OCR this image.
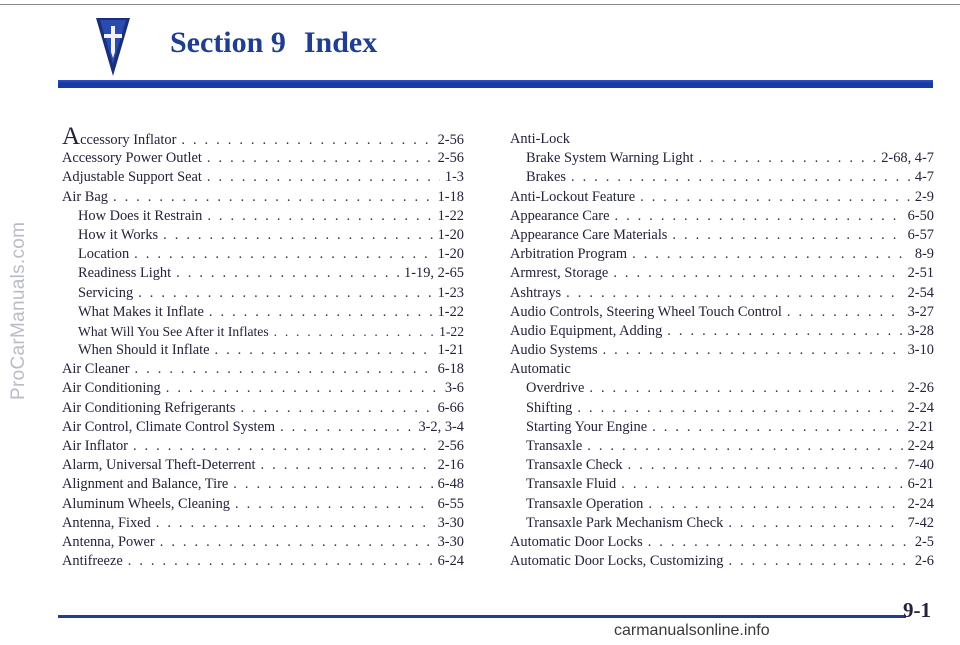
ProCarManuals.com
Section 9 Index
Accessory Inflator . . .	2-56
Accessory Power Outlet . . .	2-56
Adjustable Support Seat . . .	1-3
Air Bag . . .	1-18
How Does it Restrain . . .	1-22
How it Works . . .	1-20
Location . . .	1-20
Readiness Light . . .	1-19, 2-65
Servicing . . .	1-23
What Makes it Inflate . . .	1-22
What Will You See After it Inflates . . .	1-22
When Should it Inflate . . .	1-21
Air Cleaner . . .	6-18
Air Conditioning . . .	3-6
Air Conditioning Refrigerants . . .	6-66
Air Control, Climate Control System . . .	3-2, 3-4
Air Inflator . . .	2-56
Alarm, Universal Theft-Deterrent . . .	2-16
Alignment and Balance, Tire . . .	6-48
Aluminum Wheels, Cleaning . . .	6-55
Antenna, Fixed . . .	3-30
Antenna, Power . . .	3-30
Antifreeze . . .	6-24
Anti-Lock
Brake System Warning Light . . .	2-68, 4-7
Brakes . . .	4-7
Anti-Lockout Feature . . .	2-9
Appearance Care . . .	6-50
Appearance Care Materials . . .	6-57
Arbitration Program . . .	8-9
Armrest, Storage . . .	2-51
Ashtrays . . .	2-54
Audio Controls, Steering Wheel Touch Control . . .	3-27
Audio Equipment, Adding . . .	3-28
Audio Systems . . .	3-10
Automatic
Overdrive . . .	2-26
Shifting . . .	2-24
Starting Your Engine . . .	2-21
Transaxle . . .	2-24
Transaxle Check . . .	7-40
Transaxle Fluid . . .	6-21
Transaxle Operation . . .	2-24
Transaxle Park Mechanism Check . . .	7-42
Automatic Door Locks . . .	2-5
Automatic Door Locks, Customizing . . .	2-6
9-1
carmanualsonline.info
